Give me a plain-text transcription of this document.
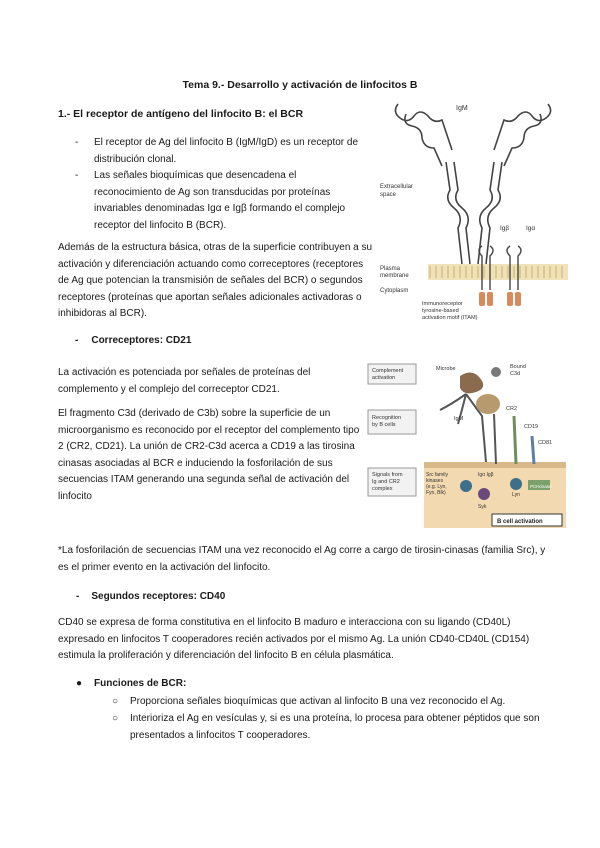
Tema 9.- Desarrollo y activación de linfocitos B
1.- El receptor de antígeno del linfocito B: el BCR
- El receptor de Ag del linfocito B (IgM/IgD) es un receptor de distribución clonal.
- Las señales bioquímicas que desencadena el reconocimiento de Ag son transducidas por proteínas invariables denominadas Igα e Igβ formando el complejo receptor del linfocito B (BCR).
Además de la estructura básica, otras de la superficie contribuyen a su activación y diferenciación actuando como correceptores (receptores de Ag que potencian la transmisión de señales del BCR) o segundos receptores (proteínas que aportan señales adicionales activadoras o inhibidoras al BCR).
- Correceptores: CD21
La activación es potenciada por señales de proteínas del complemento y el complejo del correceptor CD21.
El fragmento C3d (derivado de C3b) sobre la superficie de un microorganismo es reconocido por el receptor del complemento tipo 2 (CR2, CD21). La unión de CR2-C3d acerca a CD19 a las tirosina cinasas asociadas al BCR e induciendo la fosforilación de sus secuencias ITAM generando una segunda señal de activación del linfocito
*La fosforilación de secuencias ITAM una vez reconocido el Ag corre a cargo de tirosin-cinasas (familia Src), y es el primer evento en la activación del linfocito.
- Segundos receptores: CD40
CD40 se expresa de forma constitutiva en el linfocito B maduro e interacciona con su ligando (CD40L) expresado en linfocitos T cooperadores recién activados por el mismo Ag. La unión CD40-CD40L (CD154) estimula la proliferación y diferenciación del linfocito B en célula plasmática.
● Funciones de BCR:
○ Proporciona señales bioquímicas que activan al linfocito B una vez reconocido el Ag.
○ Interioriza el Ag en vesículas y, si es una proteína, lo procesa para obtener péptidos que son presentados a linfocitos T cooperadores.
IgM
Extracellular space
Igβ	Igα
Plasma membrane
Cytoplasm
Immunoreceptor tyrosine-based activation motif (ITAM)
Complement activation
Recognition by B cells
Signals from Ig and CR2 complex
Microbe	Bound C3d
IgM
CR2
CD19
CD81
Src family kinases (e.g. Lyn, Fyn, Blk)
Igα Igβ
Syk
Lyn
PI3-kinase
B cell activation
